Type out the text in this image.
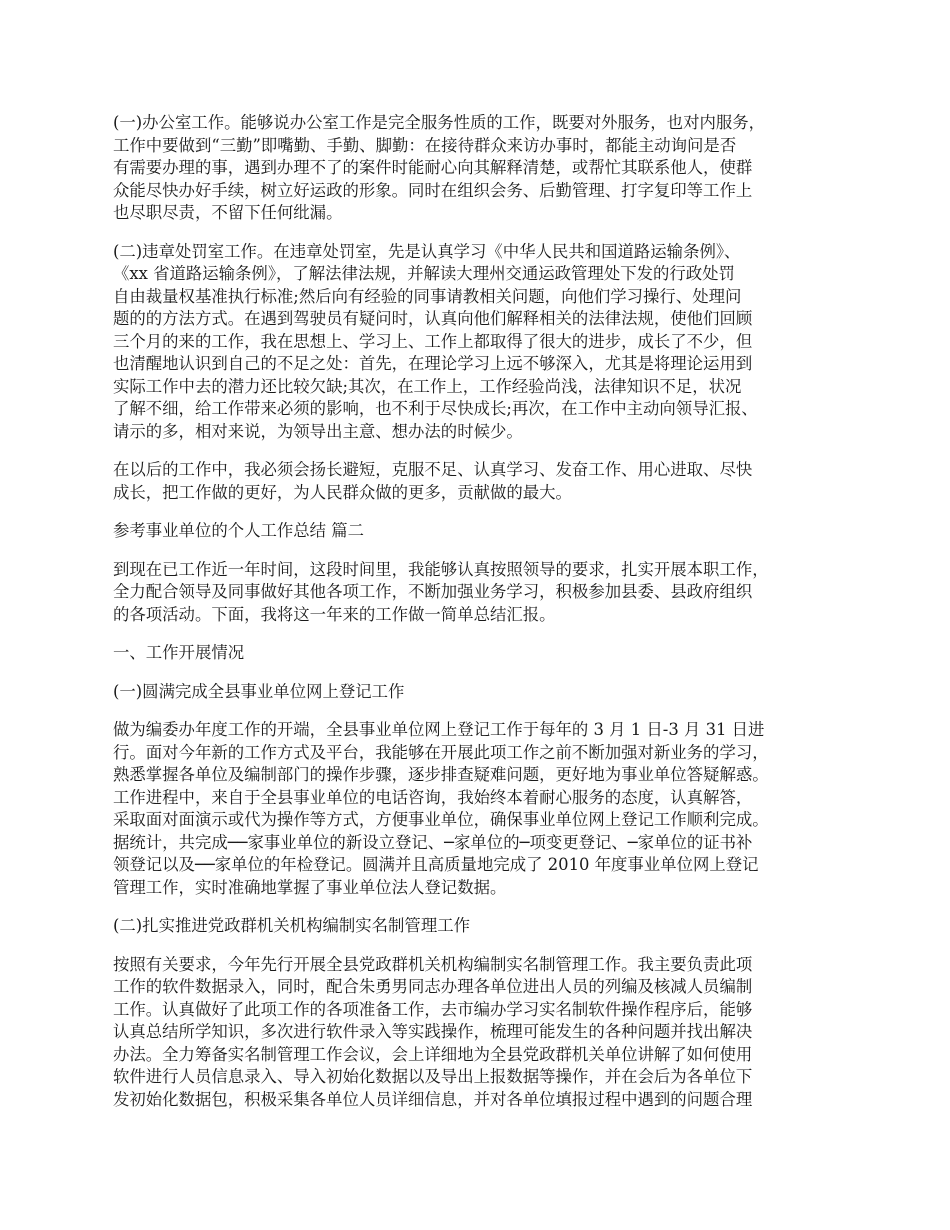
(一)办公室工作。能够说办公室工作是完全服务性质的工作，既要对外服务，也对内服务，
工作中要做到“三勤”即嘴勤、手勤、脚勤：在接待群众来访办事时，都能主动询问是否
有需要办理的事，遇到办理不了的案件时能耐心向其解释清楚，或帮忙其联系他人，使群
众能尽快办好手续，树立好运政的形象。同时在组织会务、后勤管理、打字复印等工作上
也尽职尽责，不留下任何纰漏。

(二)违章处罚室工作。在违章处罚室，先是认真学习《中华人民共和国道路运输条例》、
《xx 省道路运输条例》，了解法律法规，并解读大理州交通运政管理处下发的行政处罚
自由裁量权基准执行标准;然后向有经验的同事请教相关问题，向他们学习操行、处理问
题的的方法方式。在遇到驾驶员有疑问时，认真向他们解释相关的法律法规，使他们回顾
三个月的来的工作，我在思想上、学习上、工作上都取得了很大的进步，成长了不少，但
也清醒地认识到自己的不足之处：首先，在理论学习上远不够深入，尤其是将理论运用到
实际工作中去的潜力还比较欠缺;其次，在工作上，工作经验尚浅，法律知识不足，状况
了解不细，给工作带来必须的影响，也不利于尽快成长;再次，在工作中主动向领导汇报、
请示的多，相对来说，为领导出主意、想办法的时候少。

在以后的工作中，我必须会扬长避短，克服不足、认真学习、发奋工作、用心进取、尽快
成长，把工作做的更好，为人民群众做的更多，贡献做的最大。

参考事业单位的个人工作总结 篇二

到现在已工作近一年时间，这段时间里，我能够认真按照领导的要求，扎实开展本职工作，
全力配合领导及同事做好其他各项工作，不断加强业务学习，积极参加县委、县政府组织
的各项活动。下面，我将这一年来的工作做一简单总结汇报。

一、工作开展情况

(一)圆满完成全县事业单位网上登记工作

做为编委办年度工作的开端，全县事业单位网上登记工作于每年的 3 月 1 日-3 月 31 日进
行。面对今年新的工作方式及平台，我能够在开展此项工作之前不断加强对新业务的学习，
熟悉掌握各单位及编制部门的操作步骤，逐步排查疑难问题，更好地为事业单位答疑解惑。
工作进程中，来自于全县事业单位的电话咨询，我始终本着耐心服务的态度，认真解答，
采取面对面演示或代为操作等方式，方便事业单位，确保事业单位网上登记工作顺利完成。
据统计，共完成──家事业单位的新设立登记、─家单位的─项变更登记、─家单位的证书补
领登记以及──家单位的年检登记。圆满并且高质量地完成了 2010 年度事业单位网上登记
管理工作，实时准确地掌握了事业单位法人登记数据。

(二)扎实推进党政群机关机构编制实名制管理工作

按照有关要求，今年先行开展全县党政群机关机构编制实名制管理工作。我主要负责此项
工作的软件数据录入，同时，配合朱勇男同志办理各单位进出人员的列编及核减人员编制
工作。认真做好了此项工作的各项准备工作，去市编办学习实名制软件操作程序后，能够
认真总结所学知识，多次进行软件录入等实践操作，梳理可能发生的各种问题并找出解决
办法。全力筹备实名制管理工作会议，会上详细地为全县党政群机关单位讲解了如何使用
软件进行人员信息录入、导入初始化数据以及导出上报数据等操作，并在会后为各单位下
发初始化数据包，积极采集各单位人员详细信息，并对各单位填报过程中遇到的问题合理
